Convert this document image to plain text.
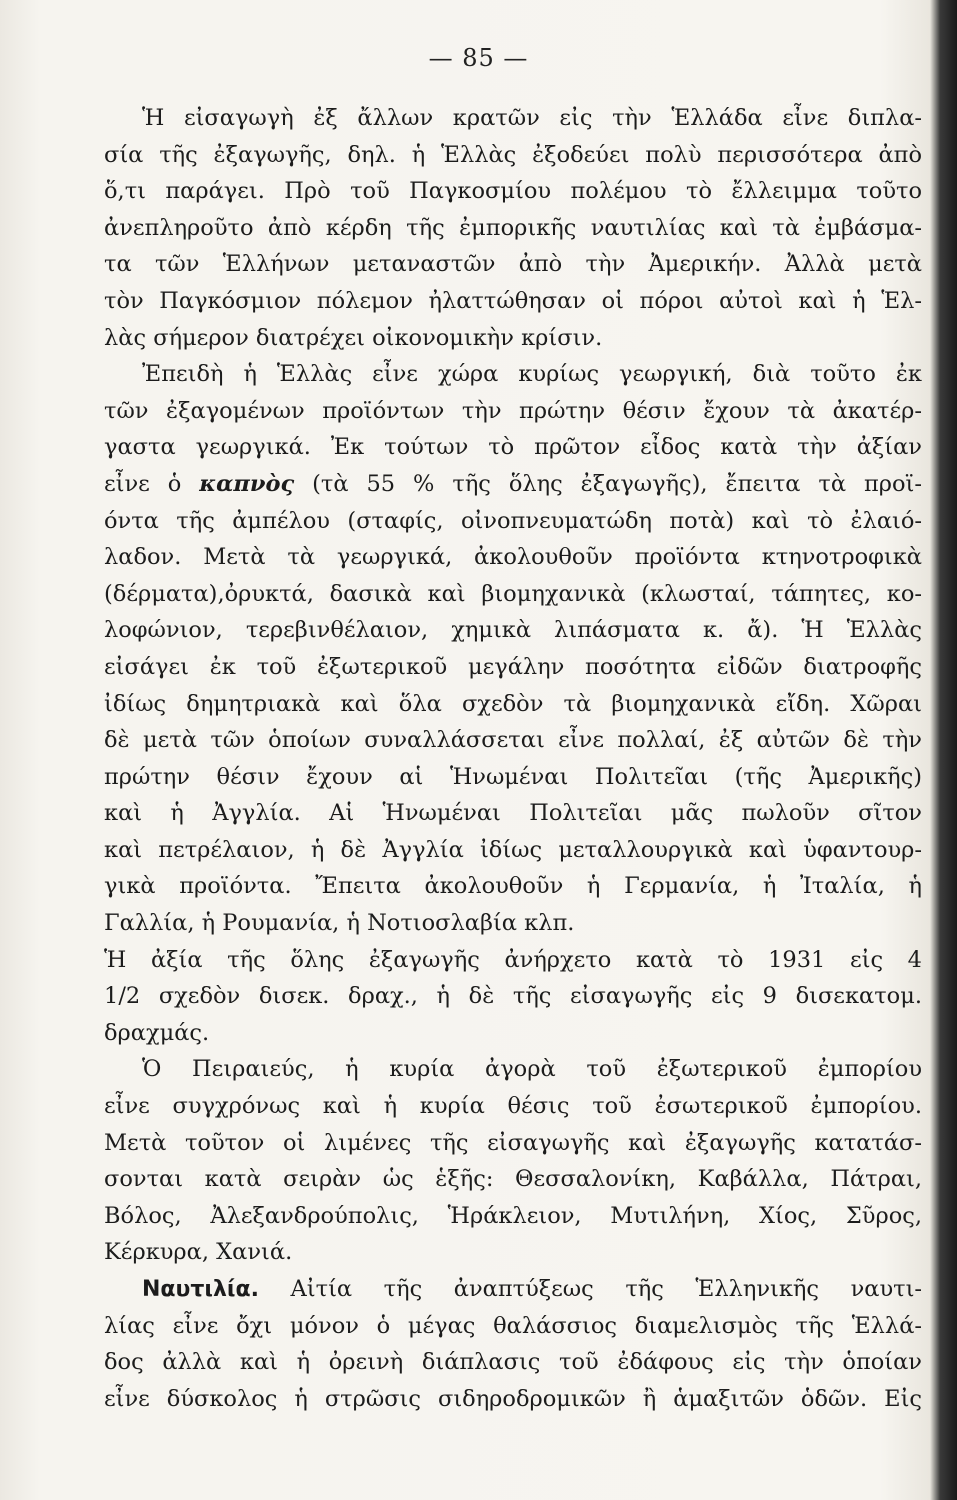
— 85 —
Ἡ εἰσαγωγὴ ἐξ ἄλλων κρατῶν εἰς τὴν Ἑλλάδα εἶνε διπλα-
σία τῆς ἐξαγωγῆς, δηλ. ἡ Ἑλλὰς ἐξοδεύει πολὺ περισσότερα ἀπὸ
ὅ,τι παράγει. Πρὸ τοῦ Παγκοσμίου πολέμου τὸ ἔλλειμμα τοῦτο
ἀνεπληροῦτο ἀπὸ κέρδη τῆς ἐμπορικῆς ναυτιλίας καὶ τὰ ἐμβάσμα-
τα τῶν Ἑλλήνων μεταναστῶν ἀπὸ τὴν Ἀμερικήν. Ἀλλὰ μετὰ
τὸν Παγκόσμιον πόλεμον ἠλαττώθησαν οἱ πόροι αὐτοὶ καὶ ἡ Ἑλ-
λὰς σήμερον διατρέχει οἰκονομικὴν κρίσιν.
Ἐπειδὴ ἡ Ἑλλὰς εἶνε χώρα κυρίως γεωργική, διὰ τοῦτο ἐκ
τῶν ἐξαγομένων προϊόντων τὴν πρώτην θέσιν ἔχουν τὰ ἀκατέρ-
γαστα γεωργικά. Ἐκ τούτων τὸ πρῶτον εἶδος κατὰ τὴν ἀξίαν
εἶνε ὁ καπνὸς (τὰ 55 % τῆς ὅλης ἐξαγωγῆς), ἔπειτα τὰ προϊ-
όντα τῆς ἀμπέλου (σταφίς, οἰνοπνευματώδη ποτὰ) καὶ τὸ ἐλαιό-
λαδον. Μετὰ τὰ γεωργικά, ἀκολουθοῦν προϊόντα κτηνοτροφικὰ
(δέρματα),ὀρυκτά, δασικὰ καὶ βιομηχανικὰ (κλωσταί, τάπητες, κο-
λοφώνιον, τερεβινθέλαιον, χημικὰ λιπάσματα κ. ἄ). Ἡ Ἑλλὰς
εἰσάγει ἐκ τοῦ ἐξωτερικοῦ μεγάλην ποσότητα εἰδῶν διατροφῆς
ἰδίως δημητριακὰ καὶ ὅλα σχεδὸν τὰ βιομηχανικὰ εἴδη. Χῶραι
δὲ μετὰ τῶν ὁποίων συναλλάσσεται εἶνε πολλαί, ἐξ αὐτῶν δὲ τὴν
πρώτην θέσιν ἔχουν αἱ Ἡνωμέναι Πολιτεῖαι (τῆς Ἀμερικῆς)
καὶ ἡ Ἀγγλία. Αἱ Ἡνωμέναι Πολιτεῖαι μᾶς πωλοῦν σῖτον
καὶ πετρέλαιον, ἡ δὲ Ἀγγλία ἰδίως μεταλλουργικὰ καὶ ὑφαντουρ-
γικὰ προϊόντα. Ἔπειτα ἀκολουθοῦν ἡ Γερμανία, ἡ Ἰταλία, ἡ
Γαλλία, ἡ Ρουμανία, ἡ Νοτιοσλαβία κλπ.
Ἡ ἀξία τῆς ὅλης ἐξαγωγῆς ἀνήρχετο κατὰ τὸ 1931 εἰς 4
1/2 σχεδὸν δισεκ. δραχ., ἡ δὲ τῆς εἰσαγωγῆς εἰς 9 δισεκατομ.
δραχμάς.
Ὁ Πειραιεύς, ἡ κυρία ἀγορὰ τοῦ ἐξωτερικοῦ ἐμπορίου
εἶνε συγχρόνως καὶ ἡ κυρία θέσις τοῦ ἐσωτερικοῦ ἐμπορίου.
Μετὰ τοῦτον οἱ λιμένες τῆς εἰσαγωγῆς καὶ ἐξαγωγῆς κατατάσ-
σονται κατὰ σειρὰν ὡς ἑξῆς: Θεσσαλονίκη, Καβάλλα, Πάτραι,
Βόλος, Ἀλεξανδρούπολις, Ἡράκλειον, Μυτιλήνη, Χίος, Σῦρος,
Κέρκυρα, Χανιά.
Ναυτιλία. Αἰτία τῆς ἀναπτύξεως τῆς Ἑλληνικῆς ναυτι-
λίας εἶνε ὄχι μόνον ὁ μέγας θαλάσσιος διαμελισμὸς τῆς Ἑλλά-
δος ἀλλὰ καὶ ἡ ὀρεινὴ διάπλασις τοῦ ἐδάφους εἰς τὴν ὁποίαν
εἶνε δύσκολος ἡ στρῶσις σιδηροδρομικῶν ἢ ἁμαξιτῶν ὁδῶν. Εἰς
